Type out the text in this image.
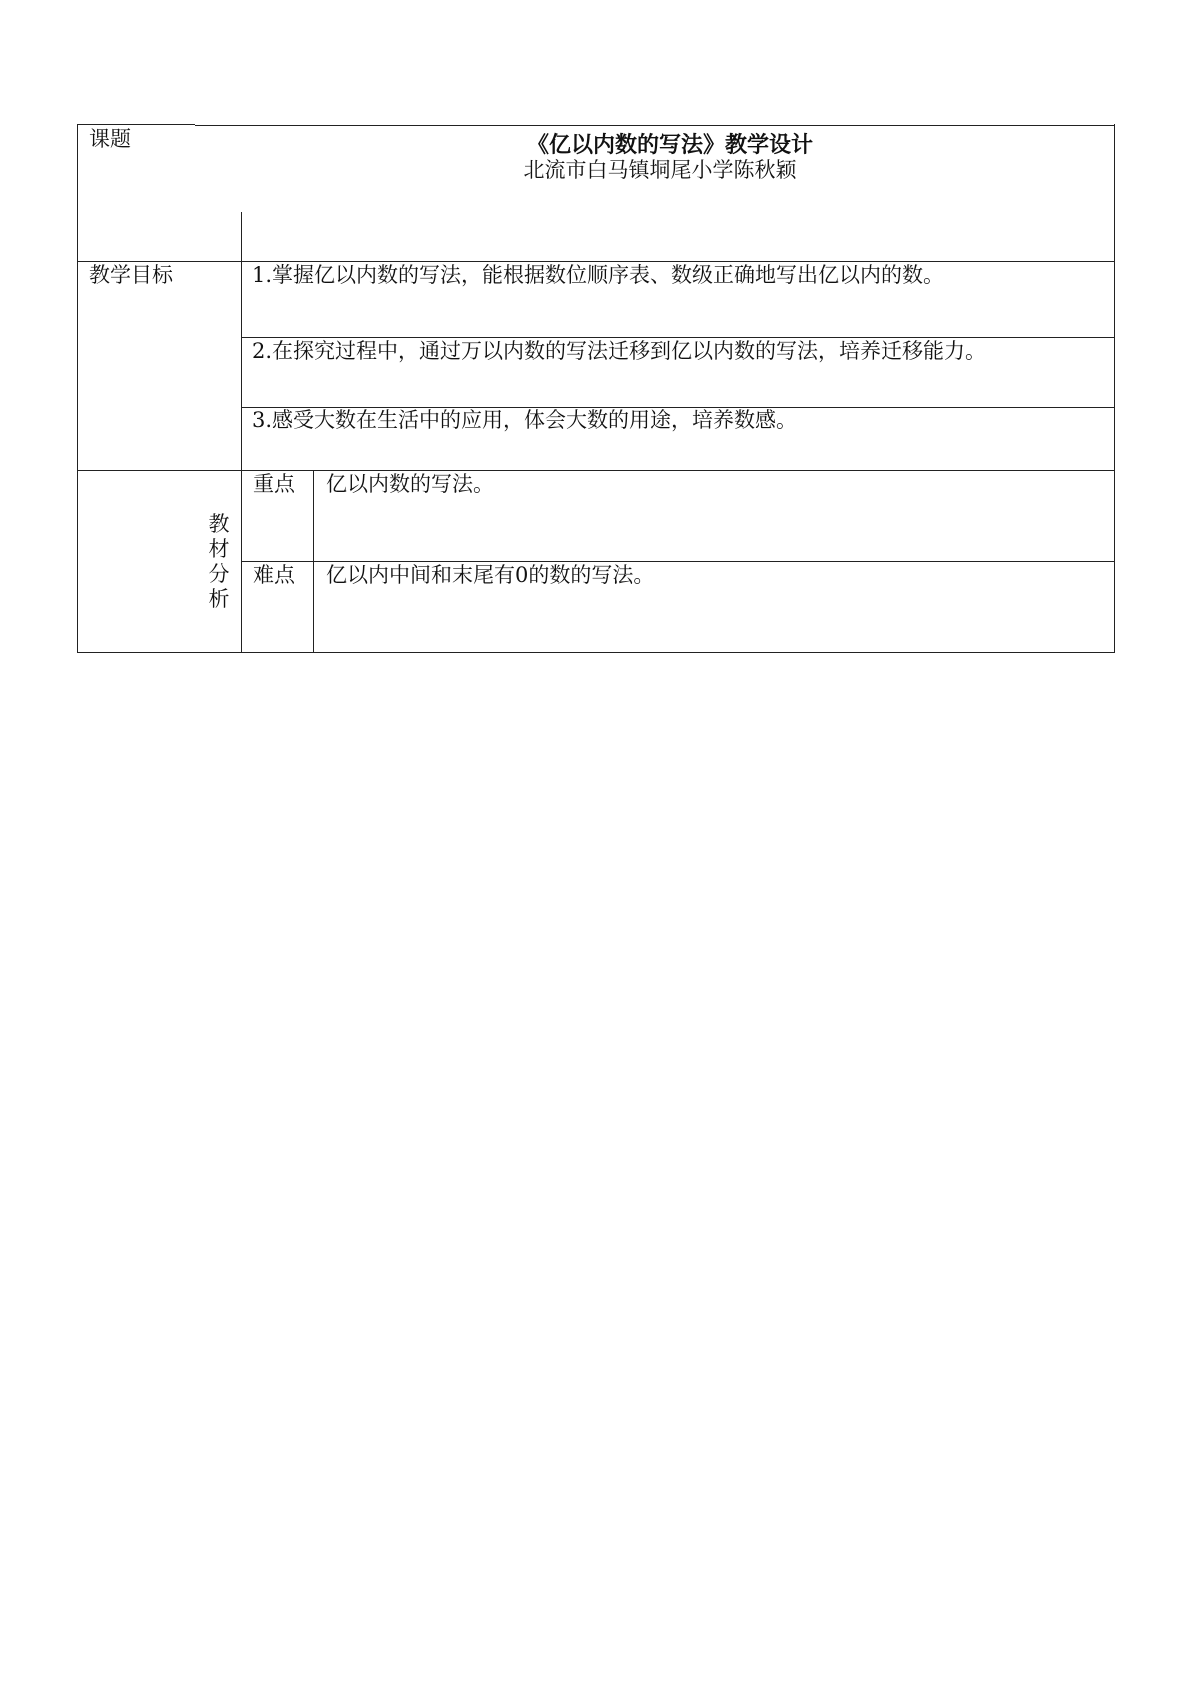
课题	《亿以内数的写法》教学设计
北流市白马镇垌尾小学陈秋颖
教学目标	1.掌握亿以内数的写法，能根据数位顺序表、数级正确地写出亿以内的数。
2.在探究过程中，通过万以内数的写法迁移到亿以内数的写法，培养迁移能力。
3.感受大数在生活中的应用，体会大数的用途，培养数感。
教材分析
重点 亿以内数的写法。
难点 亿以内中间和末尾有0的数的写法。
